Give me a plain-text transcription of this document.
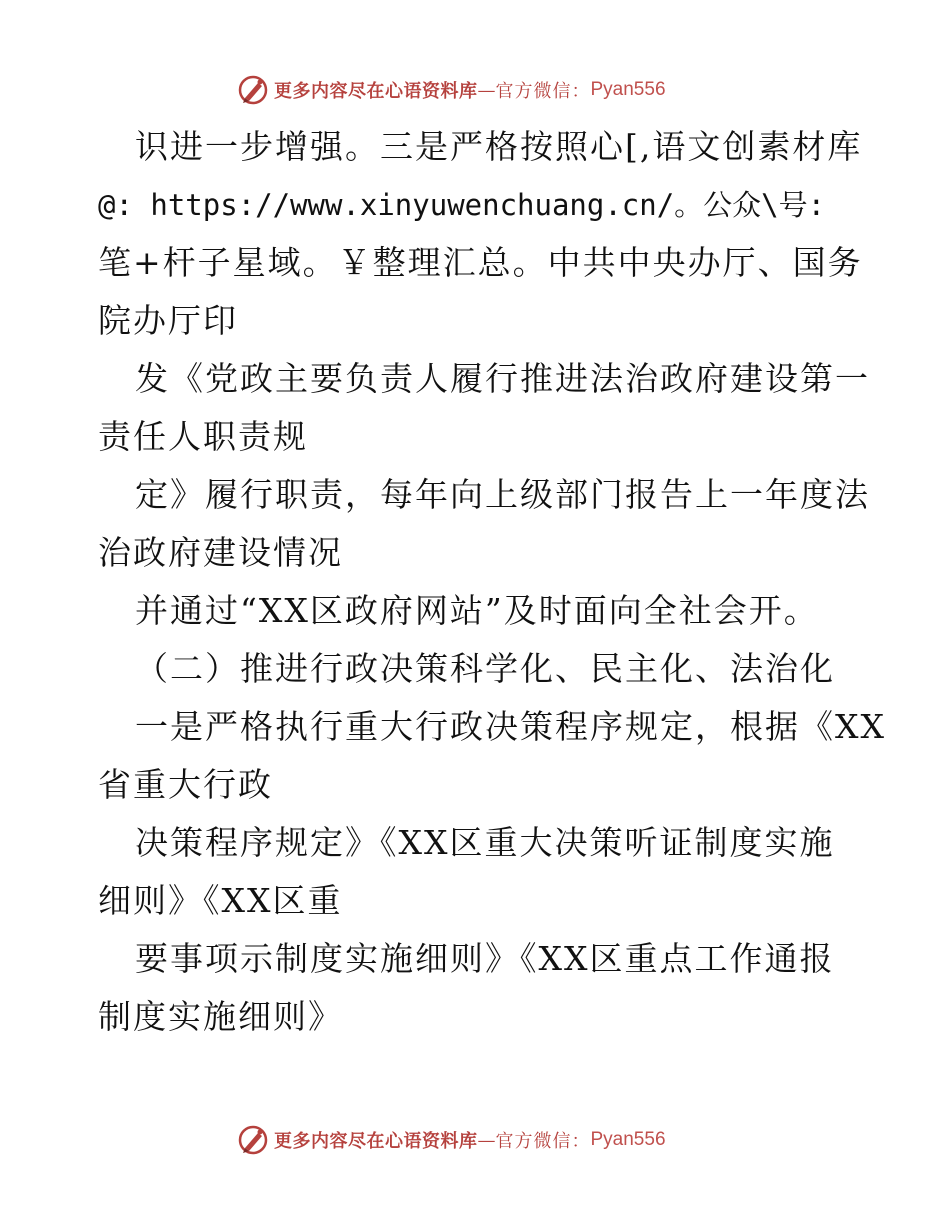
更多内容尽在心语资料库 — 官方微信： Pyan556
识进一步增强。三是严格按照心[,语文创素材库
@: https://www.xinyuwenchuang.cn/。公众\号:
笔+杆子星域。￥整理汇总。中共中央办厅、国务
院办厅印
发《党政主要负责人履行推进法治政府建设第一
责任人职责规
定》履行职责，每年向上级部门报告上一年度法
治政府建设情况
并通过“XX区政府网站”及时面向全社会开。
（二）推进行政决策科学化、民主化、法治化
一是严格执行重大行政决策程序规定，根据《XX
省重大行政
决策程序规定》《XX区重大决策听证制度实施
细则》《XX区重
要事项示制度实施细则》《XX区重点工作通报
制度实施细则》
更多内容尽在心语资料库 — 官方微信： Pyan556
